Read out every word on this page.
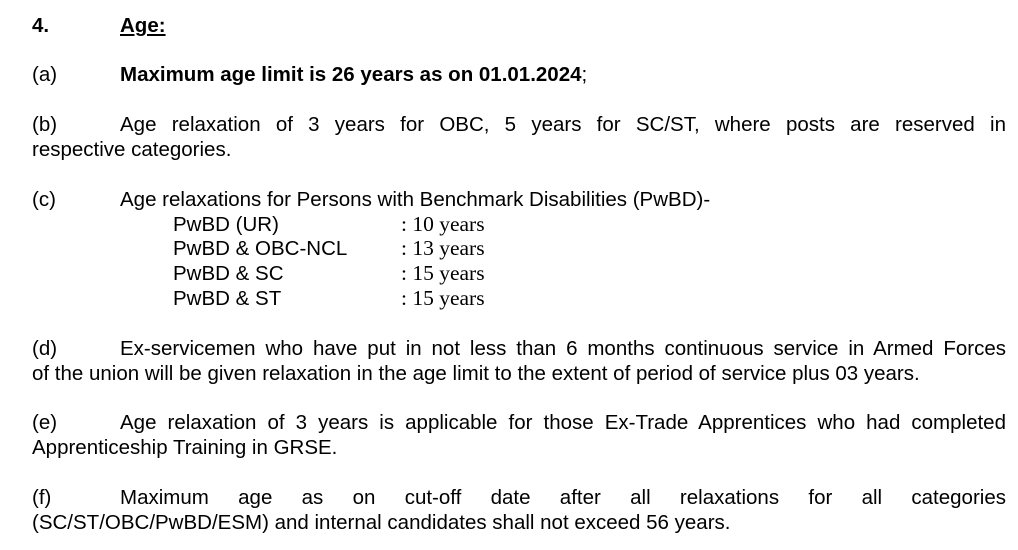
4.	Age:
(a)	Maximum age limit is 26 years as on 01.01.2024;
(b)	Age relaxation of 3 years for OBC, 5 years for SC/ST, where posts are reserved in
respective categories.
(c)	Age relaxations for Persons with Benchmark Disabilities (PwBD)-
PwBD (UR)	: 10 years
PwBD & OBC-NCL : 13 years
PwBD & SC	: 15 years
PwBD & ST	: 15 years
(d)	Ex-servicemen who have put in not less than 6 months continuous service in Armed Forces
of the union will be given relaxation in the age limit to the extent of period of service plus 03 years.
(e)	Age relaxation of 3 years is applicable for those Ex-Trade Apprentices who had completed
Apprenticeship Training in GRSE.
(f)	Maximum age as on cut-off date after all relaxations for all categories
(SC/ST/OBC/PwBD/ESM) and internal candidates shall not exceed 56 years.
